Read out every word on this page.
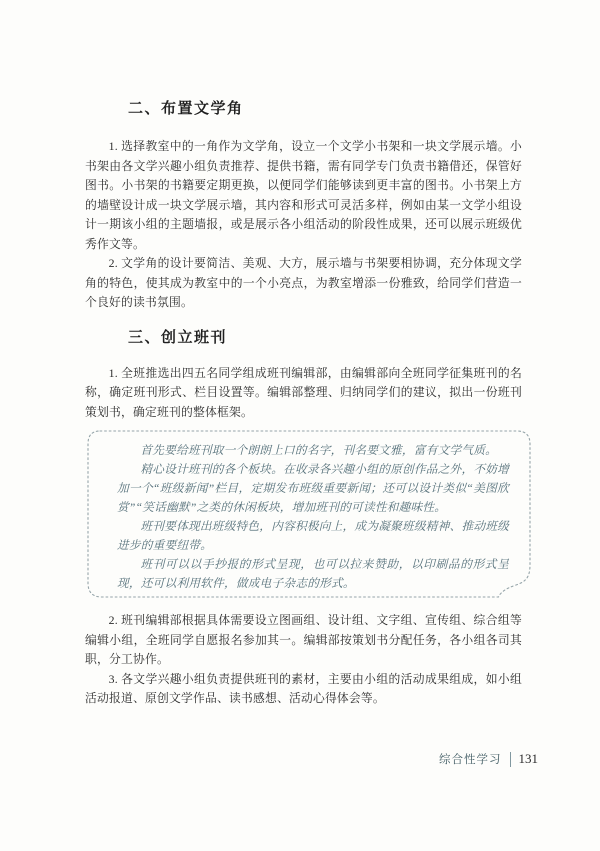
二、布置文学角

1. 选择教室中的一角作为文学角，设立一个文学小书架和一块文学展示墙。小书架由各文学兴趣小组负责推荐、提供书籍，需有同学专门负责书籍借还，保管好图书。小书架的书籍要定期更换，以便同学们能够读到更丰富的图书。小书架上方的墙壁设计成一块文学展示墙，其内容和形式可灵活多样，例如由某一文学小组设计一期该小组的主题墙报，或是展示各小组活动的阶段性成果，还可以展示班级优秀作文等。

2. 文学角的设计要简洁、美观、大方，展示墙与书架要相协调，充分体现文学角的特色，使其成为教室中的一个小亮点，为教室增添一份雅致，给同学们营造一个良好的读书氛围。

三、创立班刊

1. 全班推选出四五名同学组成班刊编辑部，由编辑部向全班同学征集班刊的名称，确定班刊形式、栏目设置等。编辑部整理、归纳同学们的建议，拟出一份班刊策划书，确定班刊的整体框架。

首先要给班刊取一个朗朗上口的名字，刊名要文雅，富有文学气质。

精心设计班刊的各个板块。在收录各兴趣小组的原创作品之外，不妨增加一个“班级新闻”栏目，定期发布班级重要新闻；还可以设计类似“美图欣赏”“笑话幽默”之类的休闲板块，增加班刊的可读性和趣味性。

班刊要体现出班级特色，内容积极向上，成为凝聚班级精神、推动班级进步的重要纽带。

班刊可以以手抄报的形式呈现，也可以拉来赞助，以印刷品的形式呈现，还可以利用软件，做成电子杂志的形式。

2. 班刊编辑部根据具体需要设立图画组、设计组、文字组、宣传组、综合组等编辑小组，全班同学自愿报名参加其一。编辑部按策划书分配任务，各小组各司其职，分工协作。

3. 各文学兴趣小组负责提供班刊的素材，主要由小组的活动成果组成，如小组活动报道、原创文学作品、读书感想、活动心得体会等。

综合性学习 131
